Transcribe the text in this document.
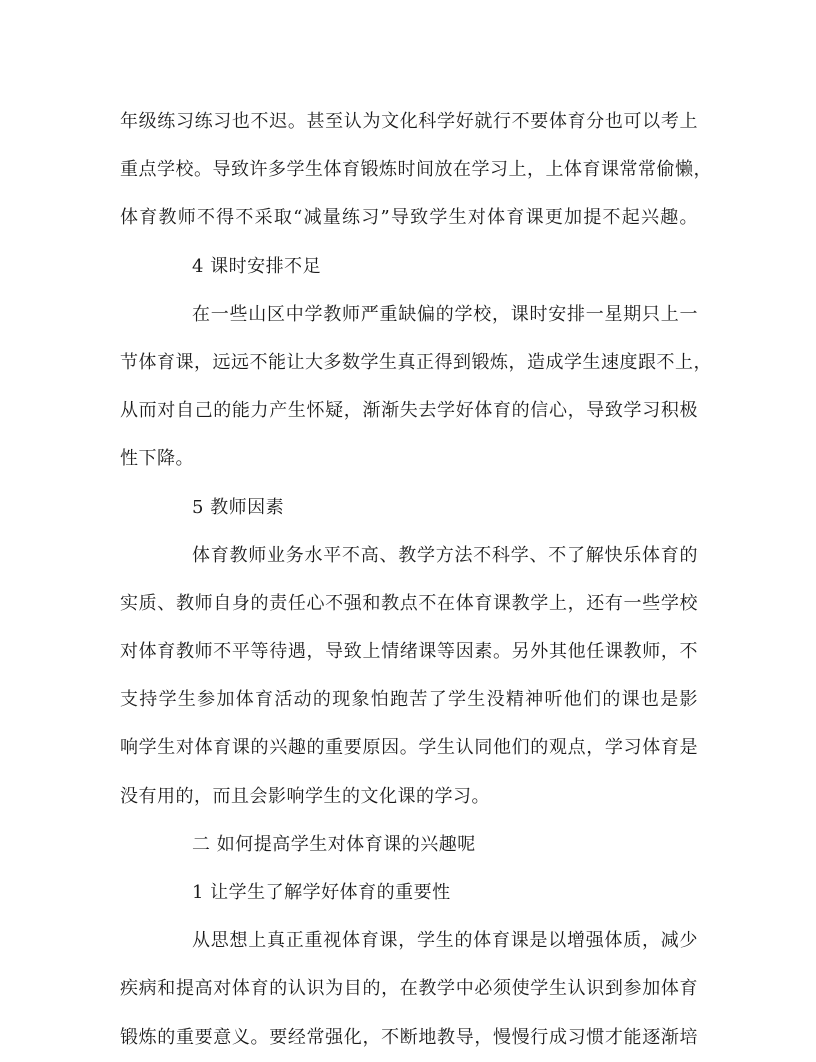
年级练习练习也不迟。甚至认为文化科学好就行不要体育分也可以考上
重点学校。导致许多学生体育锻炼时间放在学习上，上体育课常常偷懒，
体育教师不得不采取“减量练习”导致学生对体育课更加提不起兴趣。
4 课时安排不足
在一些山区中学教师严重缺偏的学校，课时安排一星期只上一
节体育课，远远不能让大多数学生真正得到锻炼，造成学生速度跟不上，
从而对自己的能力产生怀疑，渐渐失去学好体育的信心，导致学习积极
性下降。
5 教师因素
体育教师业务水平不高、教学方法不科学、不了解快乐体育的
实质、教师自身的责任心不强和教点不在体育课教学上，还有一些学校
对体育教师不平等待遇，导致上情绪课等因素。另外其他任课教师，不
支持学生参加体育活动的现象怕跑苦了学生没精神听他们的课也是影
响学生对体育课的兴趣的重要原因。学生认同他们的观点，学习体育是
没有用的，而且会影响学生的文化课的学习。
二 如何提高学生对体育课的兴趣呢
1 让学生了解学好体育的重要性
从思想上真正重视体育课，学生的体育课是以增强体质，减少
疾病和提高对体育的认识为目的，在教学中必须使学生认识到参加体育
锻炼的重要意义。要经常强化，不断地教导，慢慢行成习惯才能逐渐培
